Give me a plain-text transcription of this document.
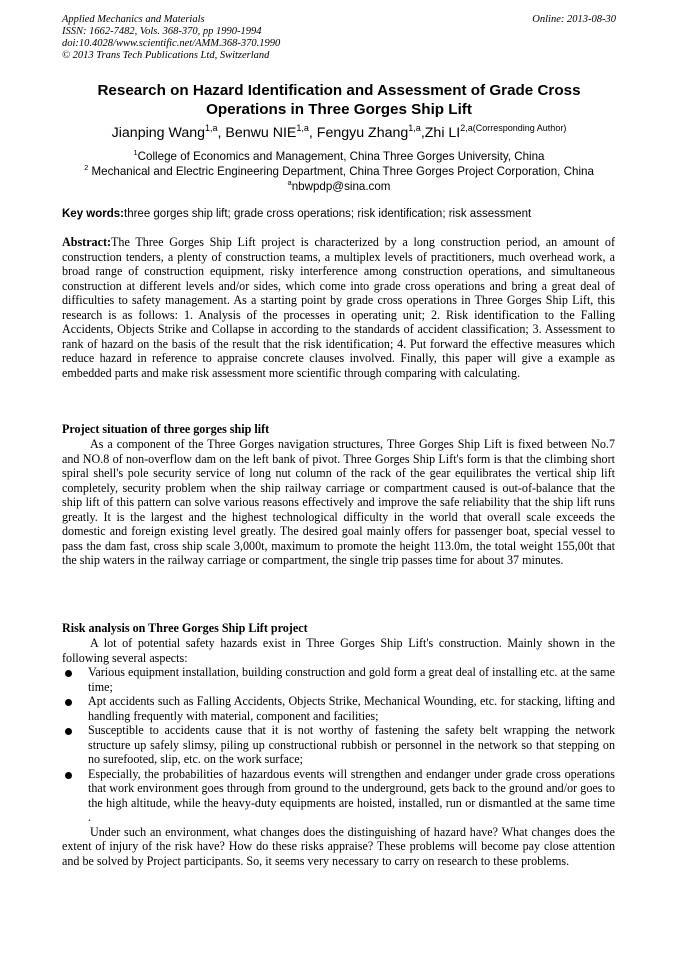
Applied Mechanics and Materials
ISSN: 1662-7482, Vols. 368-370, pp 1990-1994
doi:10.4028/www.scientific.net/AMM.368-370.1990
© 2013 Trans Tech Publications Ltd, Switzerland
Online: 2013-08-30
Research on Hazard Identification and Assessment of Grade Cross Operations in Three Gorges Ship Lift
Jianping Wang$^{1,a}$, Benwu NIE$^{1,a}$, Fengyu Zhang$^{1,a}$,Zhi $LI^{2,a(Corresponding Author)}$
$^1$College of Economics and Management, China Three Gorges University, China
$^2$ Mechanical and Electric Engineering Department, China Three Gorges Project Corporation, China
$^a$nbwpdp@sina.com
Key words:three gorges ship lift; grade cross operations; risk identification; risk assessment
Abstract:The Three Gorges Ship Lift project is characterized by a long construction period, an amount of construction tenders, a plenty of construction teams, a multiplex levels of practitioners, much overhead work, a broad range of construction equipment, risky interference among construction operations, and simultaneous construction at different levels and/or sides, which come into grade cross operations and bring a great deal of difficulties to safety management. As a starting point by grade cross operations in Three Gorges Ship Lift, this research is as follows: 1. Analysis of the processes in operating unit; 2. Risk identification to the Falling Accidents, Objects Strike and Collapse in according to the standards of accident classification; 3. Assessment to rank of hazard on the basis of the result that the risk identification; 4. Put forward the effective measures which reduce hazard in reference to appraise concrete clauses involved. Finally, this paper will give a example as embedded parts and make risk assessment more scientific through comparing with calculating.
Project situation of three gorges ship lift
As a component of the Three Gorges navigation structures, Three Gorges Ship Lift is fixed between No.7 and NO.8 of non-overflow dam on the left bank of pivot. Three Gorges Ship Lift's form is that the climbing short spiral shell's pole security service of long nut column of the rack of the gear equilibrates the vertical ship lift completely, security problem when the ship railway carriage or compartment caused is out-of-balance that the ship lift of this pattern can solve various reasons effectively and improve the safe reliability that the ship lift runs greatly. It is the largest and the highest technological difficulty in the world that overall scale exceeds the domestic and foreign existing level greatly. The desired goal mainly offers for passenger boat, special vessel to pass the dam fast, cross ship scale 3,000t, maximum to promote the height 113.0m, the total weight 155,00t that the ship waters in the railway carriage or compartment, the single trip passes time for about 37 minutes.
Risk analysis on Three Gorges Ship Lift project
A lot of potential safety hazards exist in Three Gorges Ship Lift's construction. Mainly shown in the following several aspects:
Various equipment installation, building construction and gold form a great deal of installing etc. at the same time;
Apt accidents such as Falling Accidents, Objects Strike, Mechanical Wounding, etc. for stacking, lifting and handling frequently with material, component and facilities;
Susceptible to accidents cause that it is not worthy of fastening the safety belt wrapping the network structure up safely slimsy, piling up constructional rubbish or personnel in the network so that stepping on no surefooted, slip, etc. on the work surface;
Especially, the probabilities of hazardous events will strengthen and endanger under grade cross operations that work environment goes through from ground to the underground, gets back to the ground and/or goes to the high altitude, while the heavy-duty equipments are hoisted, installed, run or dismantled at the same time .
Under such an environment, what changes does the distinguishing of hazard have? What changes does the extent of injury of the risk have? How do these risks appraise? These problems will become pay close attention and be solved by Project participants. So, it seems very necessary to carry on research to these problems.
